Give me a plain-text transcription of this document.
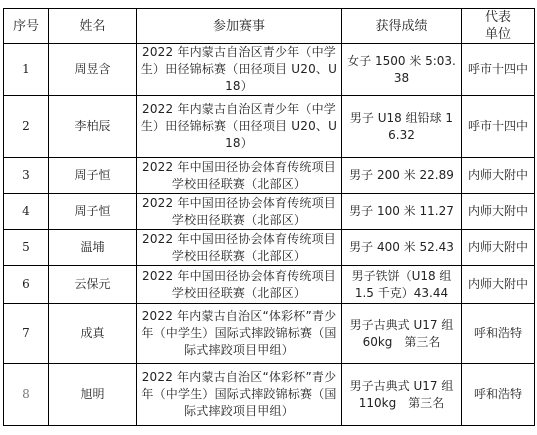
序号	姓名	参加赛事	获得成绩	代表
单位
1	周昱含	2022 年内蒙古自治区青少年（中学生）田径锦标赛（田径项目 U20、U18）	女子 1500 米 5:03.38	呼市十四中
2	李柏辰	2022 年内蒙古自治区青少年（中学生）田径锦标赛（田径项目 U20、U18）	男子 U18 组铅球 16.32	呼市十四中
3	周子恒	2022 年中国田径协会体育传统项目学校田径联赛（北部区）	男子 200 米 22.89	内师大附中
4	周子恒	2022 年中国田径协会体育传统项目学校田径联赛（北部区）	男子 100 米 11.27	内师大附中
5	温埔	2022 年中国田径协会体育传统项目学校田径联赛（北部区）	男子 400 米 52.43	内师大附中
6	云保元	2022 年中国田径协会体育传统项目学校田径联赛（北部区）	男子铁饼（U18 组 1.5 千克）43.44	内师大附中
7	成真	2022 年内蒙古自治区“体彩杯”青少年（中学生）国际式摔跤锦标赛（国际式摔跤项目甲组）	男子古典式 U17 组 60kg　第三名	呼和浩特
8	旭明	2022 年内蒙古自治区“体彩杯”青少年（中学生）国际式摔跤锦标赛（国际式摔跤项目甲组）	男子古典式 U17 组 110kg　第三名	呼和浩特
